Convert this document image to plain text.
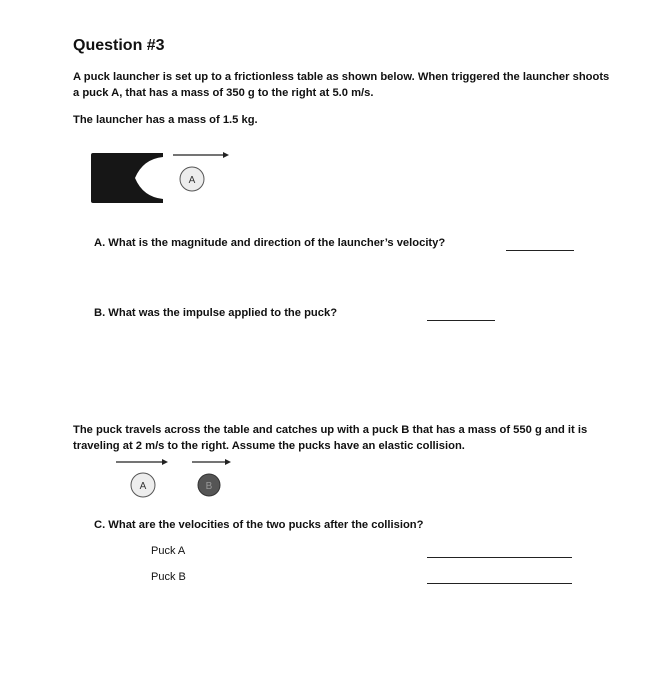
Question #3

A puck launcher is set up to a frictionless table as shown below. When triggered the launcher shoots a puck A, that has a mass of 350 g to the right at 5.0 m/s.

The launcher has a mass of 1.5 kg.

A

A. What is the magnitude and direction of the launcher’s velocity?

B. What was the impulse applied to the puck?

The puck travels across the table and catches up with a puck B that has a mass of 550 g and it is traveling at 2 m/s to the right. Assume the pucks have an elastic collision.

A	B

C. What are the velocities of the two pucks after the collision?

Puck A
Puck B
